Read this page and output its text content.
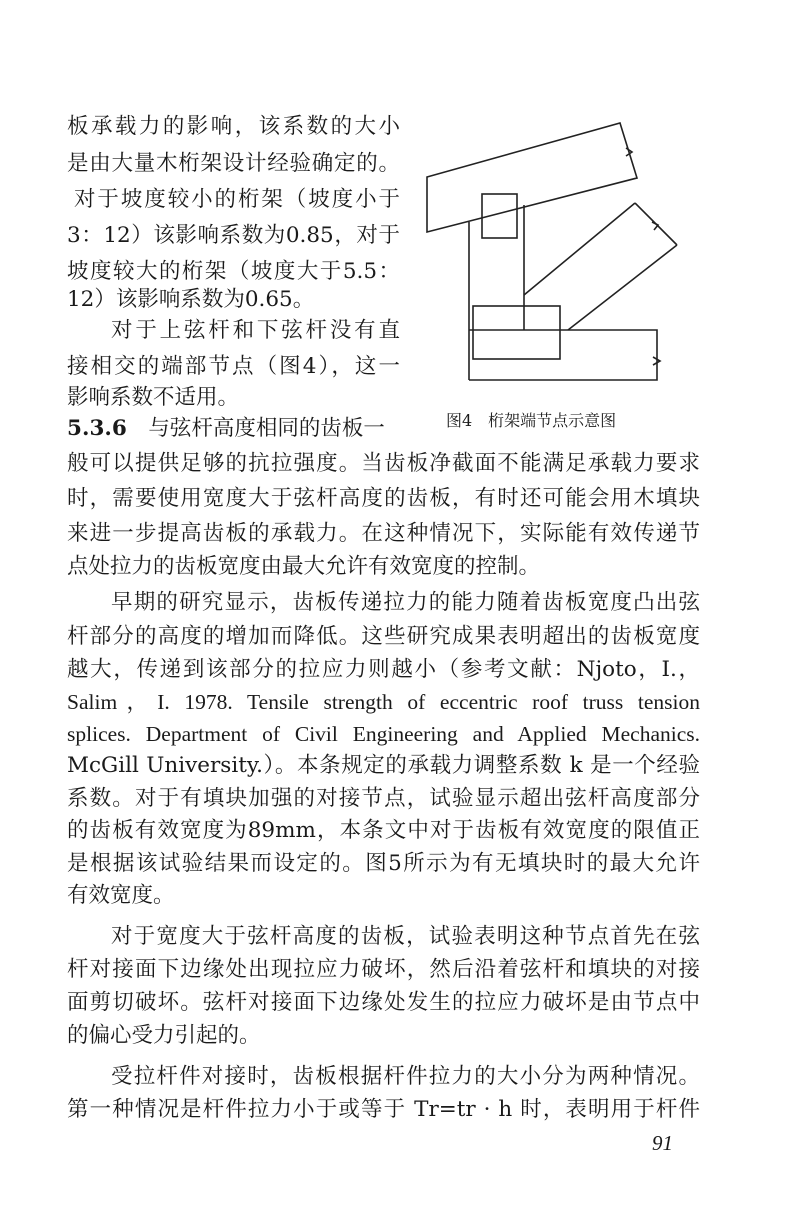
图4　桁架端节点示意图
板承载力的影响，该系数的大小
是由大量木桁架设计经验确定的。
对于坡度较小的桁架（坡度小于
3：12）该影响系数为0.85，对于
坡度较大的桁架（坡度大于5.5：
12）该影响系数为0.65。
对于上弦杆和下弦杆没有直
接相交的端部节点（图4），这一
影响系数不适用。
5.3.6　 与弦杆高度相同的齿板一
般可以提供足够的抗拉强度。当齿板净截面不能满足承载力要求
时，需要使用宽度大于弦杆高度的齿板，有时还可能会用木填块
来进一步提高齿板的承载力。在这种情况下，实际能有效传递节
点处拉力的齿板宽度由最大允许有效宽度的控制。
早期的研究显示，齿板传递拉力的能力随着齿板宽度凸出弦
杆部分的高度的增加而降低。这些研究成果表明超出的齿板宽度
越大，传递到该部分的拉应力则越小（参考文献：Njoto，I.，
Salim，I. 1978. Tensile strength of eccentric roof truss tension
splices. Department of Civil Engineering and Applied Mechanics.
McGill University.）。本条规定的承载力调整系数 k 是一个经验
系数。对于有填块加强的对接节点，试验显示超出弦杆高度部分
的齿板有效宽度为89mm，本条文中对于齿板有效宽度的限值正
是根据该试验结果而设定的。图5所示为有无填块时的最大允许
有效宽度。
对于宽度大于弦杆高度的齿板，试验表明这种节点首先在弦
杆对接面下边缘处出现拉应力破坏，然后沿着弦杆和填块的对接
面剪切破坏。弦杆对接面下边缘处发生的拉应力破坏是由节点中
的偏心受力引起的。
受拉杆件对接时，齿板根据杆件拉力的大小分为两种情况。
第一种情况是杆件拉力小于或等于 Tr=tr · h 时，表明用于杆件
91
